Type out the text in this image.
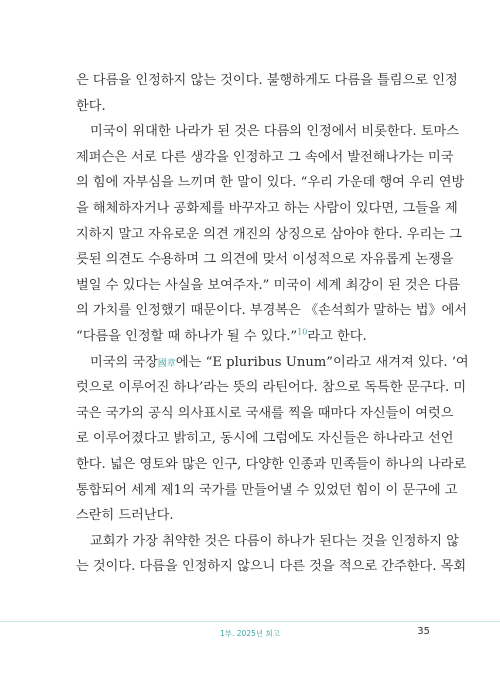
은 다름을 인정하지 않는 것이다. 불행하게도 다름을 틀림으로 인정
한다.
미국이 위대한 나라가 된 것은 다름의 인정에서 비롯한다. 토마스
제퍼슨은 서로 다른 생각을 인정하고 그 속에서 발전해나가는 미국
의 힘에 자부심을 느끼며 한 말이 있다. “우리 가운데 행여 우리 연방
을 해체하자거나 공화제를 바꾸자고 하는 사람이 있다면, 그들을 제
지하지 말고 자유로운 의견 개진의 상징으로 삼아야 한다. 우리는 그
릇된 의견도 수용하며 그 의견에 맞서 이성적으로 자유롭게 논쟁을
벌일 수 있다는 사실을 보여주자.” 미국이 세계 최강이 된 것은 다름
의 가치를 인정했기 때문이다. 부경복은 《손석희가 말하는 법》에서
“다름을 인정할 때 하나가 될 수 있다.”$^{10}$라고 한다.
미국의 국장國章에는 “E pluribus Unum”이라고 새겨져 있다. ‘여
럿으로 이루어진 하나’라는 뜻의 라틴어다. 참으로 독특한 문구다. 미
국은 국가의 공식 의사표시로 국새를 찍을 때마다 자신들이 여럿으
로 이루어졌다고 밝히고, 동시에 그럼에도 자신들은 하나라고 선언
한다. 넓은 영토와 많은 인구, 다양한 인종과 민족들이 하나의 나라로
통합되어 세계 제1의 국가를 만들어낼 수 있었던 힘이 이 문구에 고
스란히 드러난다.
교회가 가장 취약한 것은 다름이 하나가 된다는 것을 인정하지 않
는 것이다. 다름을 인정하지 않으니 다른 것을 적으로 간주한다. 목회
1부. 2025년 회고	35
